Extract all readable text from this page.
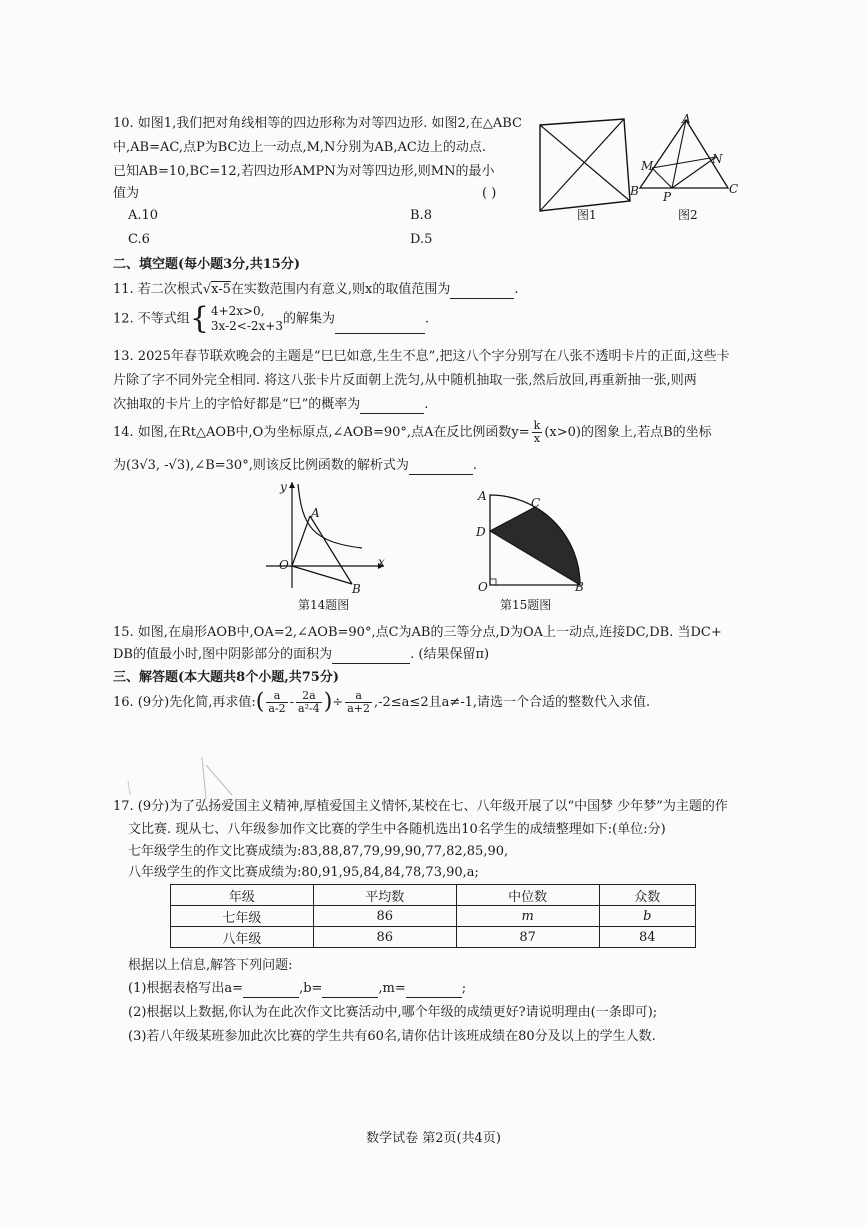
10. 如图1,我们把对角线相等的四边形称为对等四边形. 如图2,在△ABC
中,AB=AC,点P为BC边上一动点,M,N分别为AB,AC边上的动点.
已知AB=10,BC=12,若四边形AMPN为对等四边形,则MN的最小
值为	( )
A.10	B.8
C.6	D.5
图1
A
M	N
B P
C
图2
二、填空题(每小题3分,共15分)
11. 若二次根式√x-5在实数范围内有意义,则x的取值范围为	.
12. 不等式组{ 4+2x>0,
3x-2<-2x+3 的解集为	.
13. 2025年春节联欢晚会的主题是“巳巳如意,生生不息”,把这八个字分别写在八张不透明卡片的正面,这些卡
片除了字不同外完全相同. 将这八张卡片反面朝上洗匀,从中随机抽取一张,然后放回,再重新抽一张,则两
次抽取的卡片上的字恰好都是“巳”的概率为	.
14. 如图,在Rt△AOB中,O为坐标原点,∠AOB=90°,点A在反比例函数$y= \frac{k}{x} (x>0)$的图象上,若点B的坐标
为(3√3, -√3),∠B=30°,则该反比例函数的解析式为	.
y
x
A
O
B
第14题图
A	C
D
O	B
第15题图
15. 如图,在扇形AOB中,OA=2,∠AOB=90°,点C为AB的三等分点,D为OA上一动点,连接DC,DB. 当DC+
DB的值最小时,图中阴影部分的面积为	. (结果保留π)
三、解答题(本大题共8个小题,共75分)
16. (9分)先化简,再求值:( $\frac{a}{a-2} - \frac{2a}{\text{a²-4}}$ )÷ $\frac{a}{a+2} ,-2\le a\le 2$且a≠-1,请选一个合适的整数代入求值.
17. (9分)为了弘扬爱国主义精神,厚植爱国主义情怀,某校在七、八年级开展了以“中国梦 少年梦”为主题的作
文比赛. 现从七、八年级参加作文比赛的学生中各随机选出10名学生的成绩整理如下:(单位:分)
七年级学生的作文比赛成绩为:83,88,87,79,99,90,77,82,85,90,
八年级学生的作文比赛成绩为:80,91,95,84,84,78,73,90,a;
年级	平均数	中位数	众数
七年级	86	m	b
八年级	86	87	84
根据以上信息,解答下列问题:
(1)根据表格写出a=	,b=	,m=	;
(2)根据以上数据,你认为在此次作文比赛活动中,哪个年级的成绩更好?请说明理由(一条即可);
(3)若八年级某班参加此次比赛的学生共有60名,请你估计该班成绩在80分及以上的学生人数.
数学试卷 第2页(共4页)
